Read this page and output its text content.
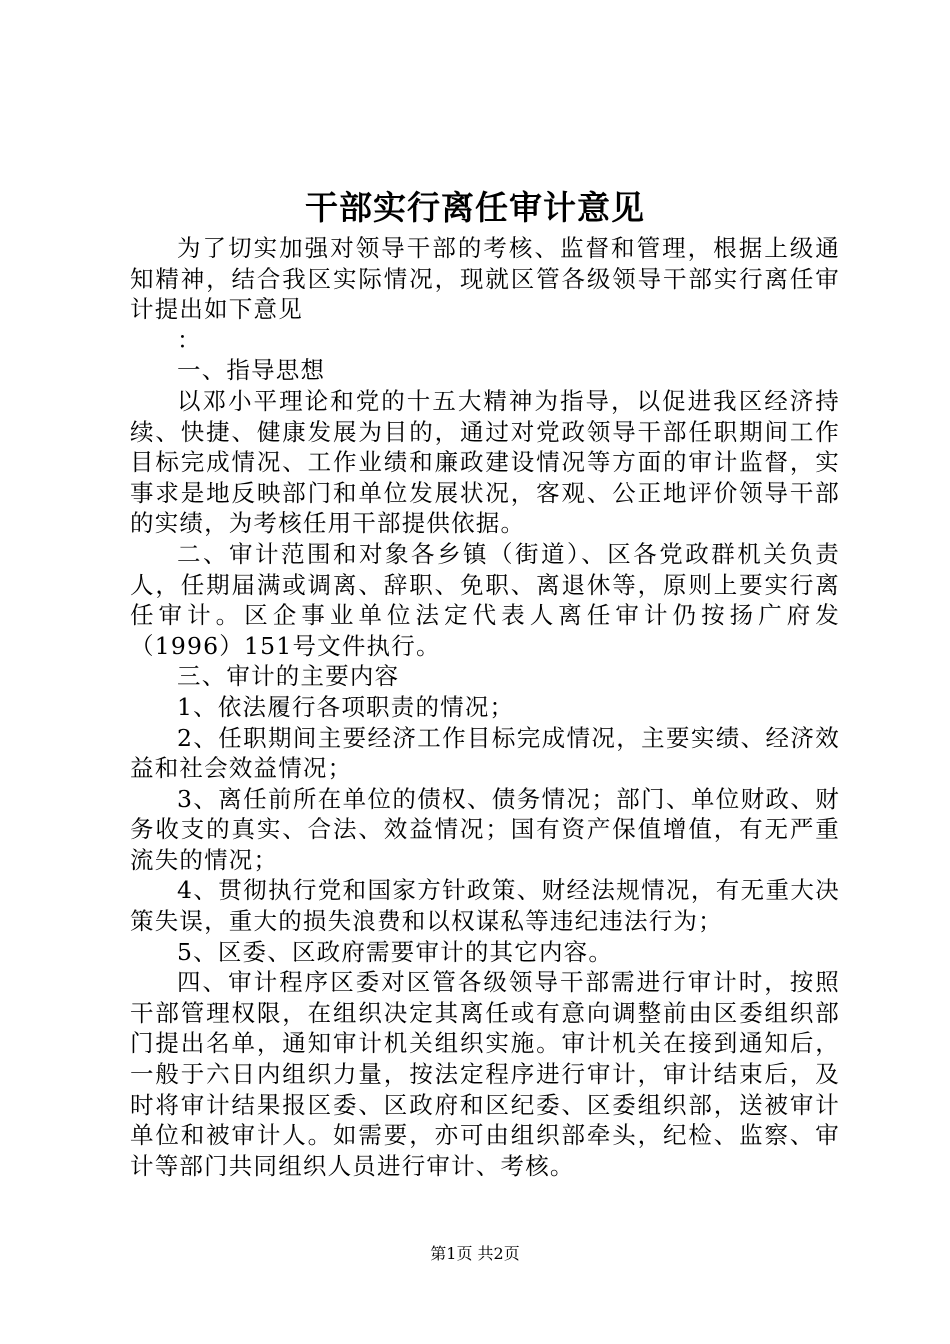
干部实行离任审计意见

为了切实加强对领导干部的考核、监督和管理，根据上级通知精神，结合我区实际情况，现就区管各级领导干部实行离任审计提出如下意见

：

一、指导思想

以邓小平理论和党的十五大精神为指导，以促进我区经济持续、快捷、健康发展为目的，通过对党政领导干部任职期间工作目标完成情况、工作业绩和廉政建设情况等方面的审计监督，实事求是地反映部门和单位发展状况，客观、公正地评价领导干部的实绩，为考核任用干部提供依据。

二、审计范围和对象各乡镇（街道）、区各党政群机关负责人，任期届满或调离、辞职、免职、离退休等，原则上要实行离任审计。区企事业单位法定代表人离任审计仍按扬广府发（1996）151号文件执行。

三、审计的主要内容

1、依法履行各项职责的情况；

2、任职期间主要经济工作目标完成情况，主要实绩、经济效益和社会效益情况；

3、离任前所在单位的债权、债务情况；部门、单位财政、财务收支的真实、合法、效益情况；国有资产保值增值，有无严重流失的情况；

4、贯彻执行党和国家方针政策、财经法规情况，有无重大决策失误，重大的损失浪费和以权谋私等违纪违法行为；

5、区委、区政府需要审计的其它内容。

四、审计程序区委对区管各级领导干部需进行审计时，按照干部管理权限，在组织决定其离任或有意向调整前由区委组织部门提出名单，通知审计机关组织实施。审计机关在接到通知后，一般于六日内组织力量，按法定程序进行审计，审计结束后，及时将审计结果报区委、区政府和区纪委、区委组织部，送被审计单位和被审计人。如需要，亦可由组织部牵头，纪检、监察、审计等部门共同组织人员进行审计、考核。

第1页 共2页
